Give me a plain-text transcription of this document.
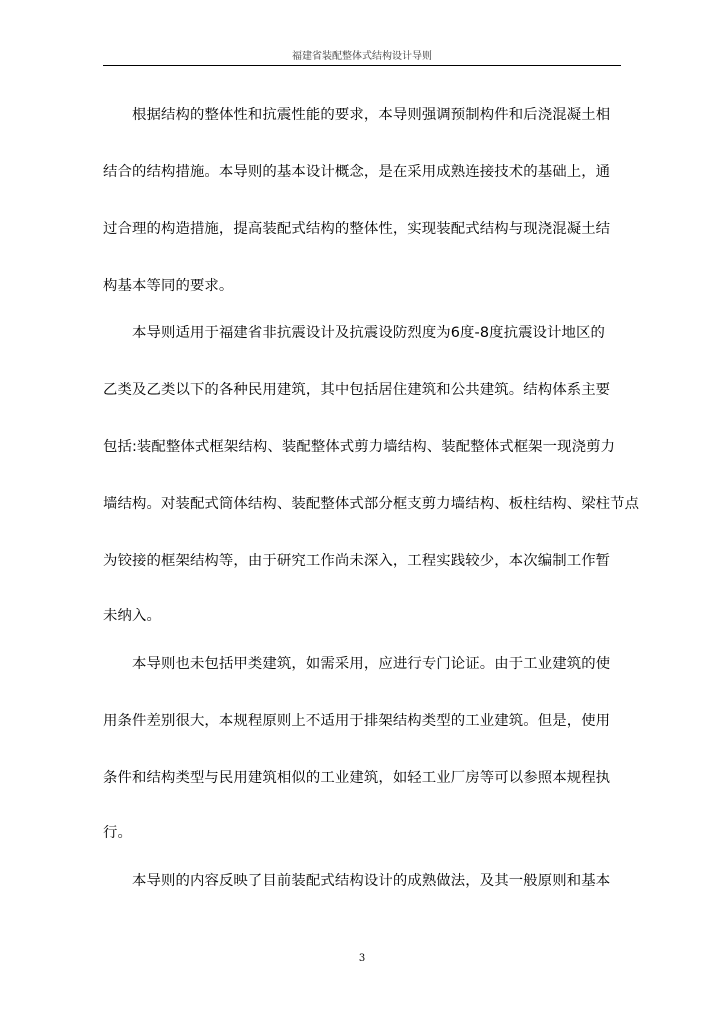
福建省装配整体式结构设计导则
根据结构的整体性和抗震性能的要求，本导则强调预制构件和后浇混凝土相
结合的结构措施。本导则的基本设计概念，是在采用成熟连接技术的基础上，通
过合理的构造措施，提高装配式结构的整体性，实现装配式结构与现浇混凝土结
构基本等同的要求。
本导则适用于福建省非抗震设计及抗震设防烈度为6度-8度抗震设计地区的
乙类及乙类以下的各种民用建筑，其中包括居住建筑和公共建筑。结构体系主要
包括:装配整体式框架结构、装配整体式剪力墙结构、装配整体式框架一现浇剪力
墙结构。对装配式筒体结构、装配整体式部分框支剪力墙结构、板柱结构、梁柱节点
为铰接的框架结构等，由于研究工作尚未深入，工程实践较少，本次编制工作暂
未纳入。
本导则也未包括甲类建筑，如需采用，应进行专门论证。由于工业建筑的使
用条件差别很大，本规程原则上不适用于排架结构类型的工业建筑。但是，使用
条件和结构类型与民用建筑相似的工业建筑，如轻工业厂房等可以参照本规程执
行。
本导则的内容反映了目前装配式结构设计的成熟做法，及其一般原则和基本
3
